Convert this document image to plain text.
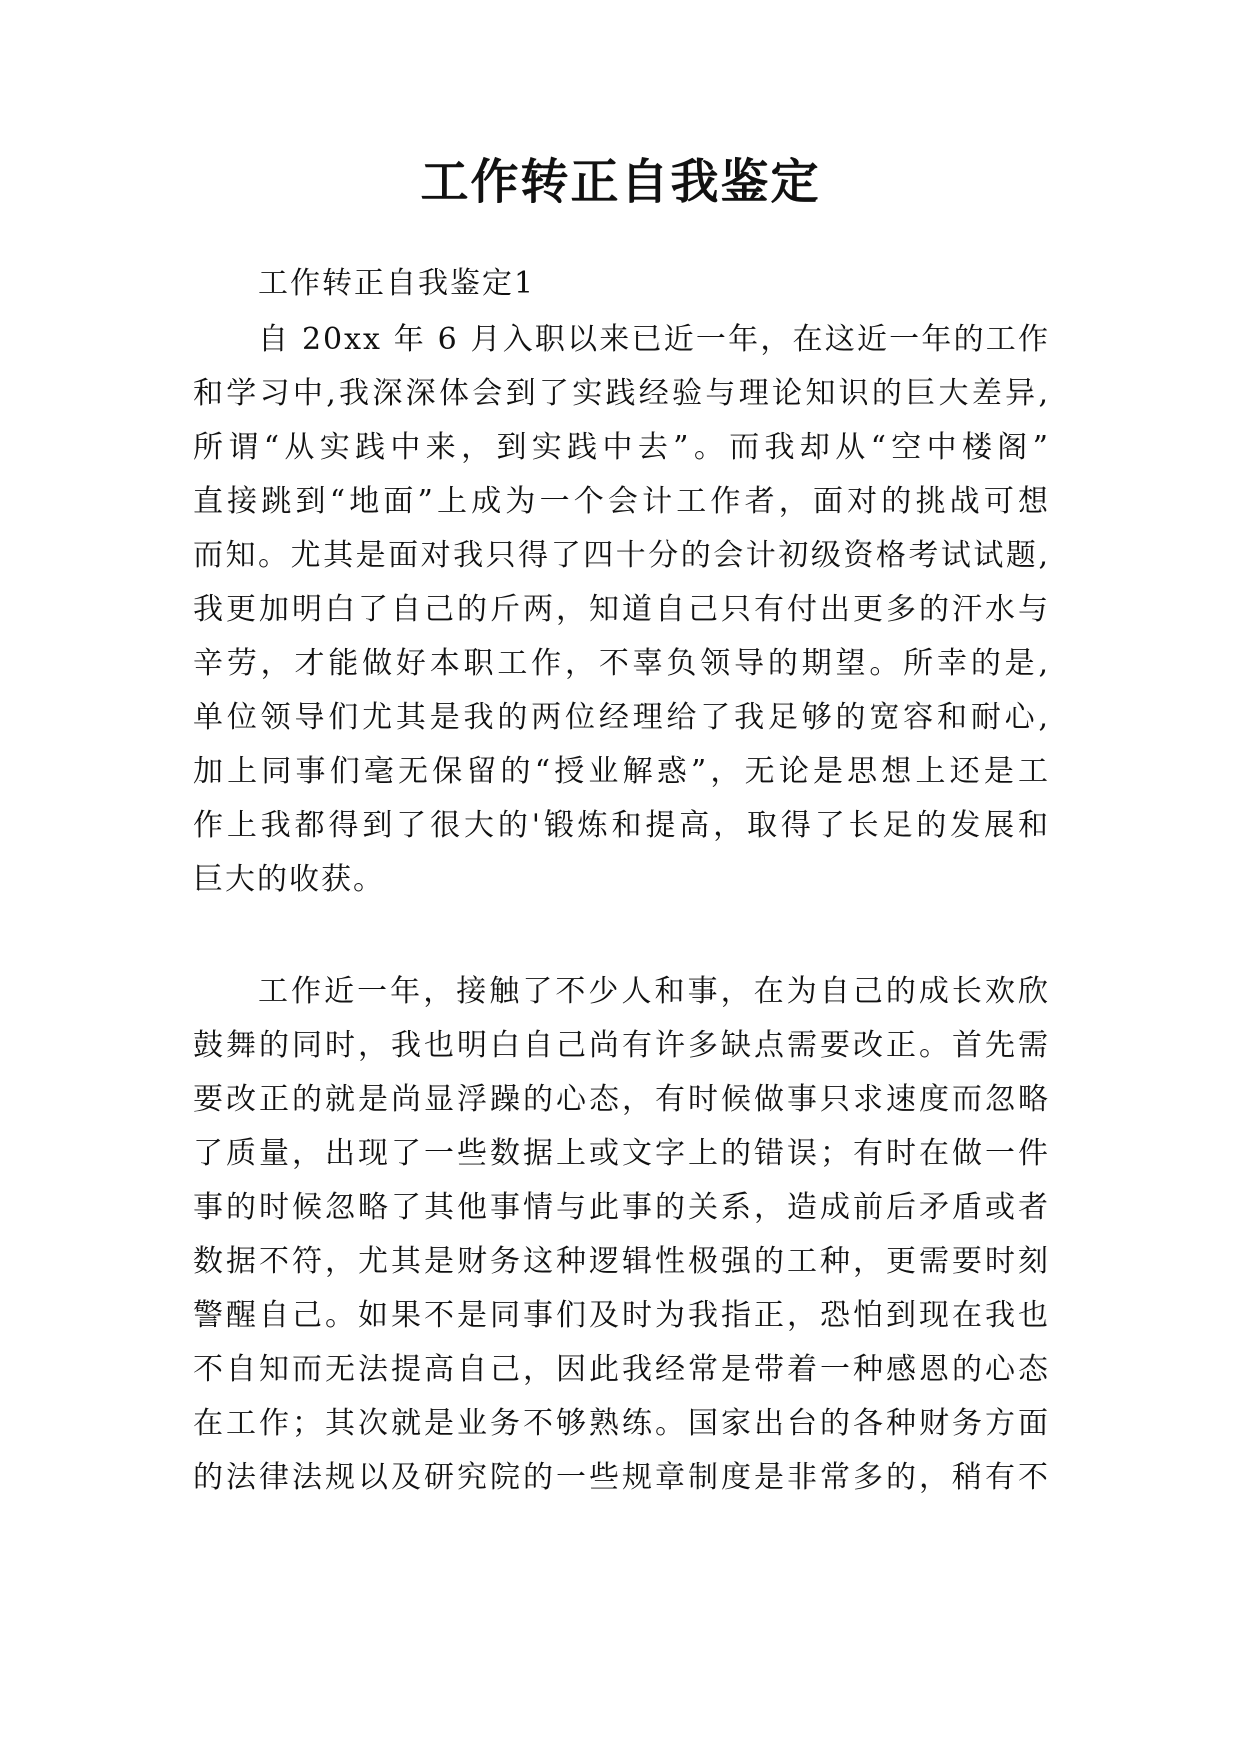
工作转正自我鉴定
工作转正自我鉴定1
自 20xx 年 6 月入职以来已近一年，在这近一年的工作
和学习中,我深深体会到了实践经验与理论知识的巨大差异,
所谓“从实践中来，到实践中去”。而我却从“空中楼阁”
直接跳到“地面”上成为一个会计工作者，面对的挑战可想
而知。尤其是面对我只得了四十分的会计初级资格考试试题,
我更加明白了自己的斤两，知道自己只有付出更多的汗水与
辛劳，才能做好本职工作，不辜负领导的期望。所幸的是,
单位领导们尤其是我的两位经理给了我足够的宽容和耐心,
加上同事们毫无保留的“授业解惑”，无论是思想上还是工
作上我都得到了很大的'锻炼和提高，取得了长足的发展和
巨大的收获。
工作近一年，接触了不少人和事，在为自己的成长欢欣
鼓舞的同时，我也明白自己尚有许多缺点需要改正。首先需
要改正的就是尚显浮躁的心态，有时候做事只求速度而忽略
了质量，出现了一些数据上或文字上的错误；有时在做一件
事的时候忽略了其他事情与此事的关系，造成前后矛盾或者
数据不符，尤其是财务这种逻辑性极强的工种，更需要时刻
警醒自己。如果不是同事们及时为我指正，恐怕到现在我也
不自知而无法提高自己，因此我经常是带着一种感恩的心态
在工作；其次就是业务不够熟练。国家出台的各种财务方面
的法律法规以及研究院的一些规章制度是非常多的，稍有不
